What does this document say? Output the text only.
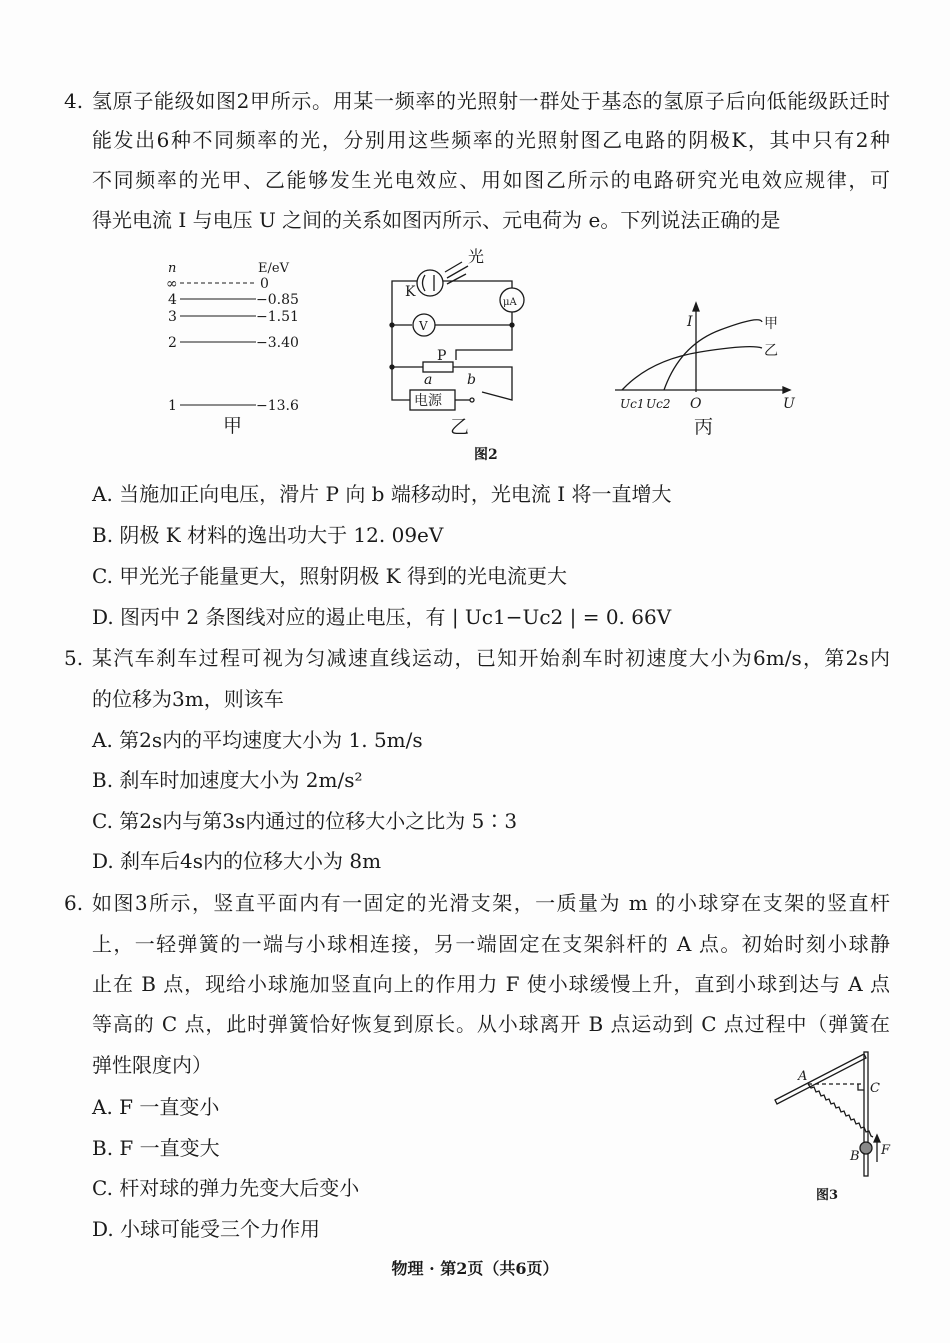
4. 氢原子能级如图2甲所示。用某一频率的光照射一群处于基态的氢原子后向低能级跃迁时
能发出6种不同频率的光，分别用这些频率的光照射图乙电路的阴极K，其中只有2种
不同频率的光甲、乙能够发生光电效应、用如图乙所示的电路研究光电效应规律，可
得光电流 I 与电压 U 之间的关系如图丙所示、元电荷为 e。下列说法正确的是
n	E/eV
∞
4
3
2
1
0
−0.85
−1.51
−3.40
−13.6
甲
光
K
μA
V
P
a b
电源
乙
I
U
O
Uc1 Uc2
甲
乙
丙
图2
A. 当施加正向电压，滑片 P 向 b 端移动时，光电流 I 将一直增大
B. 阴极 K 材料的逸出功大于 12. 09eV
C. 甲光光子能量更大，照射阴极 K 得到的光电流更大
D. 图丙中 2 条图线对应的遏止电压，有 | Uc1−Uc2 | = 0. 66V
5. 某汽车刹车过程可视为匀减速直线运动，已知开始刹车时初速度大小为6m/s，第2s内
的位移为3m，则该车
A. 第2s内的平均速度大小为 1. 5m/s
B. 刹车时加速度大小为 2m/s²
C. 第2s内与第3s内通过的位移大小之比为 5∶3
D. 刹车后4s内的位移大小为 8m
6. 如图3所示，竖直平面内有一固定的光滑支架，一质量为 m 的小球穿在支架的竖直杆
上，一轻弹簧的一端与小球相连接，另一端固定在支架斜杆的 A 点。初始时刻小球静
止在 B 点，现给小球施加竖直向上的作用力 F 使小球缓慢上升，直到小球到达与 A 点
等高的 C 点，此时弹簧恰好恢复到原长。从小球离开 B 点运动到 C 点过程中（弹簧在
弹性限度内）
A. F 一直变小
B. F 一直变大
C. 杆对球的弹力先变大后变小
D. 小球可能受三个力作用
A
C
B F
图3
物理 · 第2页（共6页）
